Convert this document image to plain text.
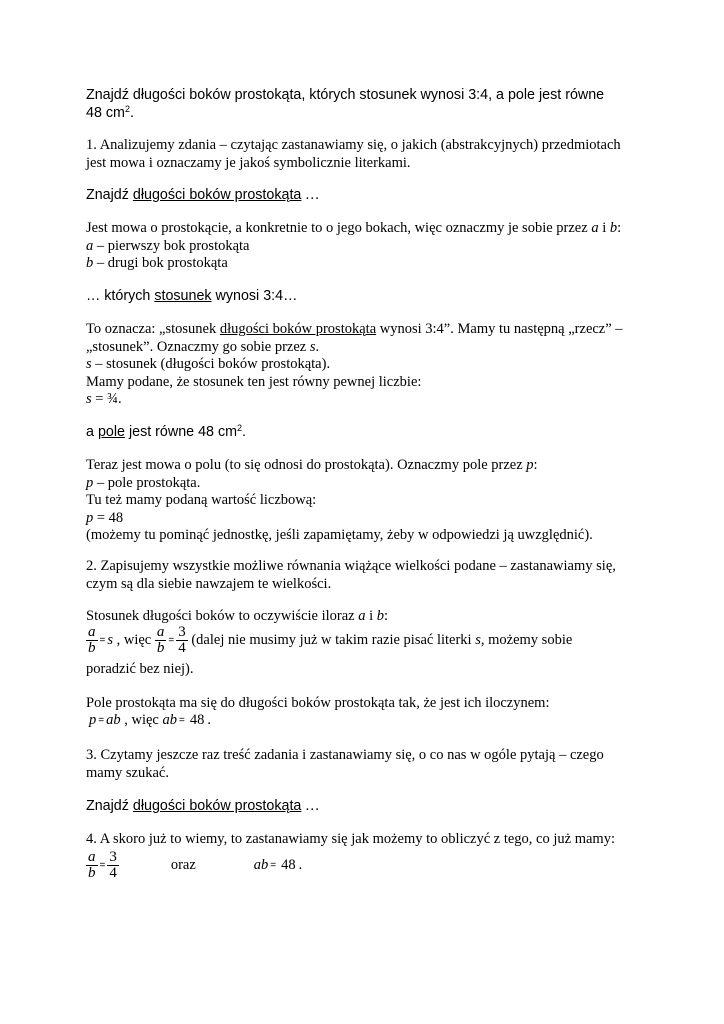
Znajdź długości boków prostokąta, których stosunek wynosi 3:4, a pole jest równe
48 $cm^2$.
1. Analizujemy zdania – czytając zastanawiamy się, o jakich (abstrakcyjnych) przedmiotach
jest mowa i oznaczamy je jakoś symbolicznie literkami.
Znajdź długości boków prostokąta …
Jest mowa o prostokącie, a konkretnie to o jego bokach, więc oznaczmy je sobie przez a i b:
a – pierwszy bok prostokąta
b – drugi bok prostokąta
… których stosunek wynosi 3:4…
To oznacza: „stosunek długości boków prostokąta wynosi 3:4”. Mamy tu następną „rzecz” –
„stosunek”. Oznaczmy go sobie przez s.
s – stosunek (długości boków prostokąta).
Mamy podane, że stosunek ten jest równy pewnej liczbie:
s = ¾.
a pole jest równe 48 $cm^2$.
Teraz jest mowa o polu (to się odnosi do prostokąta). Oznaczmy pole przez p:
p – pole prostokąta.
Tu też mamy podaną wartość liczbową:
p = 48
(możemy tu pominąć jednostkę, jeśli zapamiętamy, żeby w odpowiedzi ją uwzględnić).
2. Zapisujemy wszystkie możliwe równania wiążące wielkości podane – zastanawiamy się,
czym są dla siebie nawzajem te wielkości.
Stosunek długości boków to oczywiście iloraz a i b:
$\frac{a}{b} = s$ , więc $\frac{a}{b} = \frac{3}{4}$ (dalej nie musimy już w takim razie pisać literki s, możemy sobie
poradzić bez niej).
Pole prostokąta ma się do długości boków prostokąta tak, że jest ich iloczynem:
p = ab , więc ab = 48 .
3. Czytamy jeszcze raz treść zadania i zastanawiamy się, o co nas w ogóle pytają – czego
mamy szukać.
Znajdź długości boków prostokąta …
4. A skoro już to wiemy, to zastanawiamy się jak możemy to obliczyć z tego, co już mamy:
$\frac{a}{b} = \frac{3}{4}$	oraz	ab = 48 .
